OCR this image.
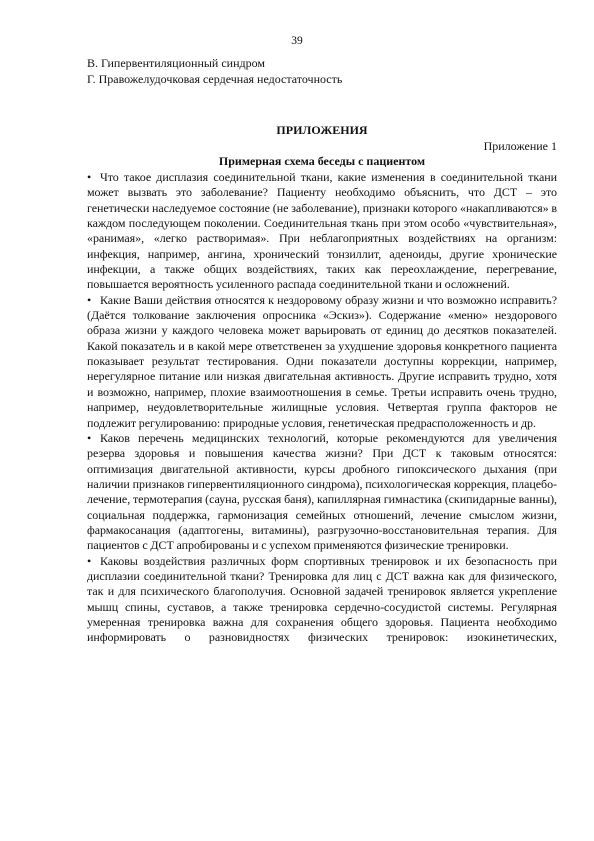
39
В. Гипервентиляционный синдром
Г. Правожелудочковая сердечная недостаточность
ПРИЛОЖЕНИЯ
Приложение 1
Примерная схема беседы с пациентом

• Что такое дисплазия соединительной ткани, какие изменения в соединительной ткани может вызвать это заболевание? Пациенту необходимо объяснить, что ДСТ – это генетически наследуемое состояние (не заболевание), признаки которого «накапливаются» в каждом последующем поколении. Соединительная ткань при этом особо «чувствительная», «ранимая», «легко растворимая». При неблагоприятных воздействиях на организм: инфекция, например, ангина, хронический тонзиллит, аденоиды, другие хронические инфекции, а также общих воздействиях, таких как переохлаждение, перегревание, повышается вероятность усиленного распада соединительной ткани и осложнений.

• Какие Ваши действия относятся к нездоровому образу жизни и что возможно исправить? (Даётся толкование заключения опросника «Эскиз»). Содержание «меню» нездорового образа жизни у каждого человека может варьировать от единиц до десятков показателей. Какой показатель и в какой мере ответственен за ухудшение здоровья конкретного пациента показывает результат тестирования. Одни показатели доступны коррекции, например, нерегулярное питание или низкая двигательная активность. Другие исправить трудно, хотя и возможно, например, плохие взаимоотношения в семье. Третьи исправить очень трудно, например, неудовлетворительные жилищные условия. Четвертая группа факторов не подлежит регулированию: природные условия, генетическая предрасположенность и др.

• Каков перечень медицинских технологий, которые рекомендуются для увеличения резерва здоровья и повышения качества жизни? При ДСТ к таковым относятся: оптимизация двигательной активности, курсы дробного гипоксического дыхания (при наличии признаков гипервентиляционного синдрома), психологическая коррекция, плацебо-лечение, термотерапия (сауна, русская баня), капиллярная гимнастика (скипидарные ванны), социальная поддержка, гармонизация семейных отношений, лечение смыслом жизни, фармакосанация (адаптогены, витамины), разгрузочно-восстановительная терапия. Для пациентов с ДСТ апробированы и с успехом применяются физические тренировки.

• Каковы воздействия различных форм спортивных тренировок и их безопасность при дисплазии соединительной ткани? Тренировка для лиц с ДСТ важна как для физического, так и для психического благополучия. Основной задачей тренировок является укрепление мышц спины, суставов, а также тренировка сердечно-сосудистой системы. Регулярная умеренная тренировка важна для сохранения общего здоровья. Пациента необходимо информировать о разновидностях физических тренировок: изокинетических,
